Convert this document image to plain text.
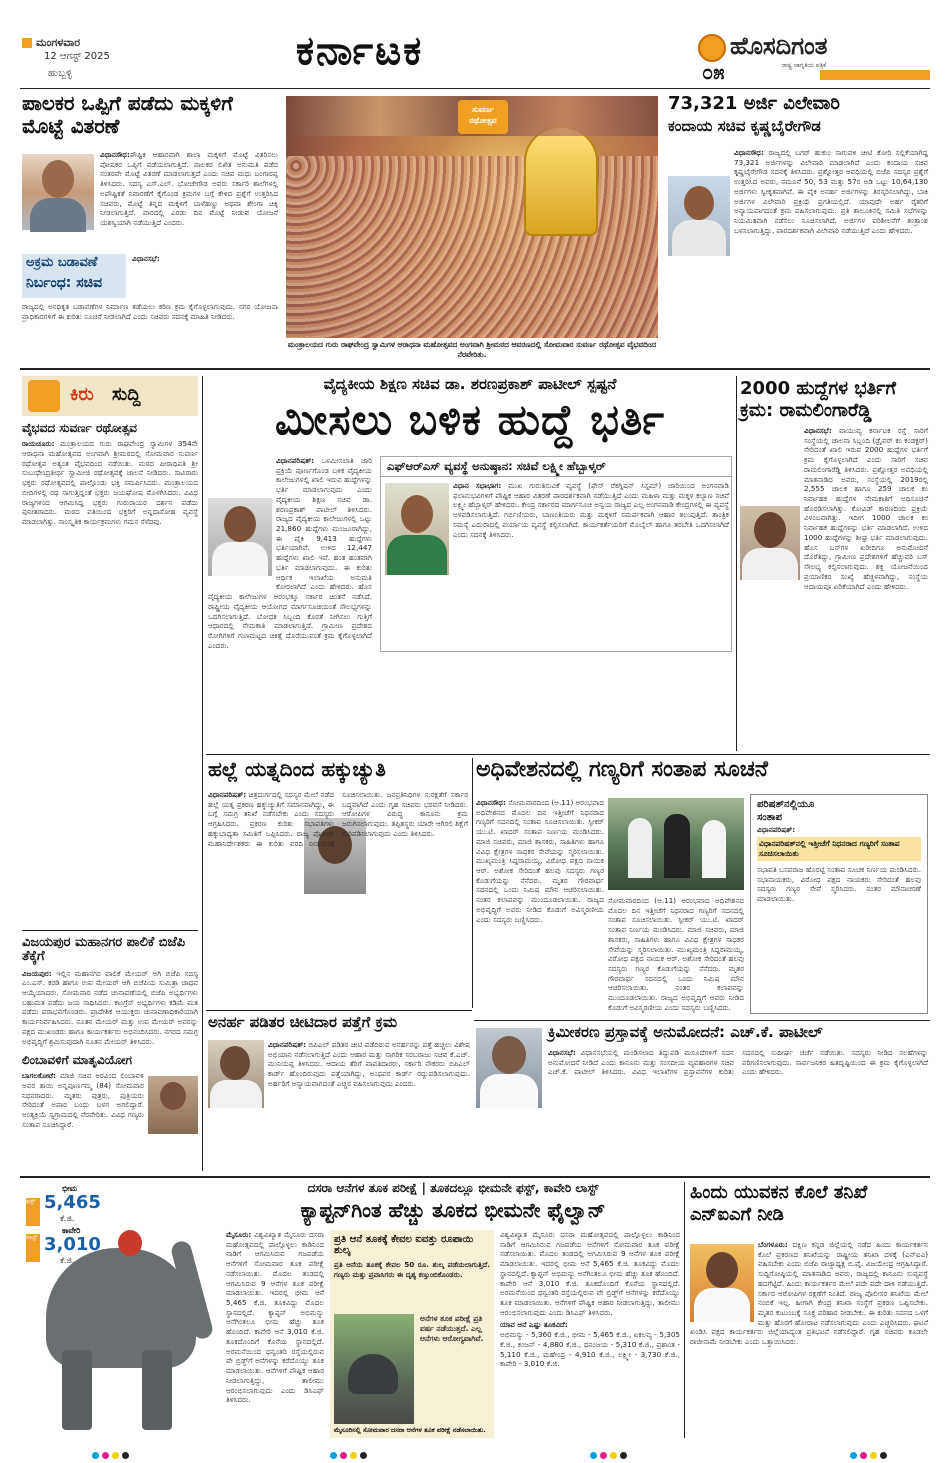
ಮಂಗಳವಾರ
12 ಆಗಸ್ಟ್ 2025
ಹುಬ್ಬಳ್ಳಿ	ಕರ್ನಾಟಕ	ಹೊಸದಿಗಂತ
ರಾಷ್ಟ್ರ ಜಾಗೃತಿಯ ಪತ್ರಿಕೆ
೦೫
ಪಾಲಕರ ಒಪ್ಪಿಗೆ ಪಡೆದು ಮಕ್ಕಳಿಗೆ ಮೊಟ್ಟೆ ವಿತರಣೆ
ವಿಧಾನಸೌಧ: ಪೌಷ್ಟಿಕ ಆಹಾರವಾಗಿ ಶಾಲಾ ಮಕ್ಕಳಿಗೆ ಮೊಟ್ಟೆ ವಿತರಿಸಲು ಪೋಷಕರ ಒಪ್ಪಿಗೆ ಪಡೆಯಲಾಗುತ್ತಿದೆ. ಪಾಲಕರ ಲಿಖಿತ ಅನುಮತಿ ಪಡೆದ ನಂತರವೇ ಮೊಟ್ಟೆ ವಿತರಣೆ ಮಾಡಲಾಗುತ್ತದೆ ಎಂದು ಸಚಿವ ಮಧು ಬಂಗಾರಪ್ಪ ತಿಳಿಸಿದರು. ಸದಸ್ಯ ಎಸ್.ಎಲ್. ಭೋಜೇಗೌಡ ಅವರು ಸರ್ಕಾರಿ ಶಾಲೆಗಳಲ್ಲಿ ಅಪೌಷ್ಟಿಕತೆ ನಿವಾರಣೆಗೆ ಕೈಗೊಂಡ ಕ್ರಮಗಳ ಬಗ್ಗೆ ಕೇಳಿದ ಪ್ರಶ್ನೆಗೆ ಉತ್ತರಿಸಿದ ಸಚಿವರು, ಮೊಟ್ಟೆ ತಿನ್ನದ ಮಕ್ಕಳಿಗೆ ಬಾಳೆಹಣ್ಣು ಅಥವಾ ಶೇಂಗಾ ಚಿಕ್ಕಿ ನೀಡಲಾಗುತ್ತಿದೆ. ವಾರದಲ್ಲಿ ಎರಡು ದಿನ ಮೊಟ್ಟೆ ನೀಡುವ ಯೋಜನೆ ಯಶಸ್ವಿಯಾಗಿ ನಡೆಯುತ್ತಿದೆ ಎಂದರು.
ಅಕ್ರಮ ಬಡಾವಣೆ
ನಿರ್ಬಂಧ: ಸಚಿವ
ವಿಧಾನಸಭೆ:
ರಾಜ್ಯದಲ್ಲಿ ಅನಧಿಕೃತ ಬಡಾವಣೆಗಳ ನಿರ್ಮಾಣ ತಡೆಯಲು ಕಠಿಣ ಕ್ರಮ ಕೈಗೊಳ್ಳಲಾಗುವುದು. ನಗರ ಯೋಜನಾ ಪ್ರಾಧಿಕಾರಗಳಿಗೆ ಈ ಕುರಿತು ಸೂಚನೆ ನೀಡಲಾಗಿದೆ ಎಂದು ಸಚಿವರು ಸದನಕ್ಕೆ ಮಾಹಿತಿ ನೀಡಿದರು.
ಸುವರ್ಣ ರಥೋತ್ಸವ
ಮಂತ್ರಾಲಯದ ಗುರು ರಾಘವೇಂದ್ರ ಸ್ವಾಮಿಗಳ ಆರಾಧನಾ ಮಹೋತ್ಸವದ ಅಂಗವಾಗಿ ಶ್ರೀಮಠದ ಆವರಣದಲ್ಲಿ ಸೋಮವಾರ ಸುವರ್ಣ ರಥೋತ್ಸವ ವೈಭವದಿಂದ ನೆರವೇರಿತು.
73,321 ಅರ್ಜಿ ವಿಲೇವಾರಿ
ಕಂದಾಯ ಸಚಿವ ಕೃಷ್ಣಬೈರೇಗೌಡ
ವಿಧಾನಸೌಧ: ರಾಜ್ಯದಲ್ಲಿ ಬಗರ್ ಹುಕುಂ ಸಾಗುವಳಿ ಚೀಟಿ ಕೋರಿ ಸಲ್ಲಿಕೆಯಾಗಿದ್ದ 73,321 ಅರ್ಜಿಗಳನ್ನು ವಿಲೇವಾರಿ ಮಾಡಲಾಗಿದೆ ಎಂದು ಕಂದಾಯ ಸಚಿವ ಕೃಷ್ಣಬೈರೇಗೌಡ ಸದನಕ್ಕೆ ತಿಳಿಸಿದರು. ಪ್ರಶ್ನೋತ್ತರ ಅವಧಿಯಲ್ಲಿ ಬಿಜೆಪಿ ಸದಸ್ಯರ ಪ್ರಶ್ನೆಗೆ ಉತ್ತರಿಸಿದ ಅವರು, ನಮೂನೆ 50, 53 ಮತ್ತು 57ರ ಅಡಿ ಒಟ್ಟು 10,64,130 ಅರ್ಜಿಗಳು ಸ್ವೀಕೃತವಾಗಿವೆ. ಈ ಪೈಕಿ ಅನರ್ಹ ಅರ್ಜಿಗಳನ್ನು ತಿರಸ್ಕರಿಸಲಾಗಿದ್ದು, ಬಾಕಿ ಅರ್ಜಿಗಳ ವಿಲೇವಾರಿ ಪ್ರಕ್ರಿಯೆ ಪ್ರಗತಿಯಲ್ಲಿದೆ. ಯಾವುದೇ ಅರ್ಹ ರೈತರಿಗೆ ಅನ್ಯಾಯವಾಗದಂತೆ ಕ್ರಮ ವಹಿಸಲಾಗುವುದು. ಪ್ರತಿ ತಾಲೂಕಿನಲ್ಲಿ ಸಮಿತಿ ಸಭೆಗಳನ್ನು ನಿಯಮಿತವಾಗಿ ನಡೆಸಲು ಸೂಚಿಸಲಾಗಿದೆ. ಅರ್ಜಿಗಳ ಪರಿಶೀಲನೆಗೆ ತಂತ್ರಾಂಶ ಬಳಸಲಾಗುತ್ತಿದ್ದು, ಪಾರದರ್ಶಕವಾಗಿ ವಿಲೇವಾರಿ ನಡೆಯುತ್ತಿದೆ ಎಂದು ಹೇಳಿದರು.
ಕಿರು ಸುದ್ದಿ
ವೈಭವದ ಸುವರ್ಣ ರಥೋತ್ಸವ
ರಾಯಚೂರು: ಮಂತ್ರಾಲಯದ ಗುರು ರಾಘವೇಂದ್ರ ಸ್ವಾಮಿಗಳ 354ನೇ ಆರಾಧನಾ ಮಹೋತ್ಸವದ ಅಂಗವಾಗಿ ಶ್ರೀಮಠದಲ್ಲಿ ಸೋಮವಾರ ಸುವರ್ಣ ರಥೋತ್ಸವ ಅತ್ಯಂತ ವೈಭವದಿಂದ ನಡೆಯಿತು. ಮಠದ ಪೀಠಾಧಿಪತಿ ಶ್ರೀ ಸುಬುಧೇಂದ್ರತೀರ್ಥ ಸ್ವಾಮೀಜಿ ರಥೋತ್ಸವಕ್ಕೆ ಚಾಲನೆ ನೀಡಿದರು. ಸಾವಿರಾರು ಭಕ್ತರು ರಥೋತ್ಸವದಲ್ಲಿ ಪಾಲ್ಗೊಂಡು ಭಕ್ತಿ ಸಮರ್ಪಿಸಿದರು. ಮಂತ್ರಾಲಯದ ಬೀದಿಗಳಲ್ಲಿ ರಥ ಸಾಗುತ್ತಿದ್ದಂತೆ ಭಕ್ತರು ಜಯಘೋಷ ಮೊಳಗಿಸಿದರು. ವಿವಿಧ ರಾಜ್ಯಗಳಿಂದ ಆಗಮಿಸಿದ್ದ ಭಕ್ತರು ಗುರುರಾಯರ ದರ್ಶನ ಪಡೆದು ಪುನೀತರಾದರು. ಮಠದ ವತಿಯಿಂದ ಭಕ್ತರಿಗೆ ಅನ್ನದಾಸೋಹ ವ್ಯವಸ್ಥೆ ಮಾಡಲಾಗಿತ್ತು. ಸಾಂಸ್ಕೃತಿಕ ಕಾರ್ಯಕ್ರಮಗಳು ಗಮನ ಸೆಳೆದವು.
ವಿಜಯಪುರ ಮಹಾನಗರ ಪಾಲಿಕೆ ಬಿಜೆಪಿ ತೆಕ್ಕೆಗೆ
ವಿಜಯಪುರ: ಇಲ್ಲಿನ ಮಹಾನಗರ ಪಾಲಿಕೆ ಮೇಯರ್ ಆಗಿ ಬಿಜೆಪಿ ಸದಸ್ಯ ಎಂ.ಎಸ್. ಕರಡಿ ಹಾಗೂ ಉಪ ಮೇಯರ್ ಆಗಿ ಬಿಜೆಪಿಯ ಸುಮಿತ್ರಾ ಜಾಧವ ಆಯ್ಕೆಯಾದರು. ಸೋಮವಾರ ನಡೆದ ಚುನಾವಣೆಯಲ್ಲಿ ಬಿಜೆಪಿ ಅಭ್ಯರ್ಥಿಗಳು ಬಹುಮತ ಪಡೆದು ಜಯ ಸಾಧಿಸಿದರು. ಕಾಂಗ್ರೆಸ್ ಅಭ್ಯರ್ಥಿಗಳು ಕಡಿಮೆ ಮತ ಪಡೆದು ಪರಾಭವಗೊಂಡರು. ಪ್ರಾದೇಶಿಕ ಆಯುಕ್ತರು ಚುನಾವಣಾಧಿಕಾರಿಯಾಗಿ ಕಾರ್ಯನಿರ್ವಹಿಸಿದರು. ನೂತನ ಮೇಯರ್ ಮತ್ತು ಉಪ ಮೇಯರ್ ಅವರನ್ನು ಪಕ್ಷದ ಮುಖಂಡರು ಹಾಗೂ ಕಾರ್ಯಕರ್ತರು ಅಭಿನಂದಿಸಿದರು. ನಗರದ ಸಮಗ್ರ ಅಭಿವೃದ್ಧಿಗೆ ಶ್ರಮಿಸುವುದಾಗಿ ನೂತನ ಮೇಯರ್ ತಿಳಿಸಿದರು.
ಲಿಂಬಾವಳಿಗೆ ಮಾತೃವಿಯೋಗ
ಬಾಗಲಕೋಟೆ: ಮಾಜಿ ಸಚಿವ ಅರವಿಂದ ಲಿಂಬಾವಳಿ ಅವರ ತಾಯಿ ಅನ್ನಪೂರ್ಣಮ್ಮ (84) ಸೋಮವಾರ ನಿಧನರಾದರು. ಮೃತರು ಪುತ್ರರು, ಪುತ್ರಿಯರು ಸೇರಿದಂತೆ ಅಪಾರ ಬಂಧು ಬಳಗ ಅಗಲಿದ್ದಾರೆ. ಅಂತ್ಯಕ್ರಿಯೆ ಸ್ವಗ್ರಾಮದಲ್ಲಿ ನೆರವೇರಿತು. ವಿವಿಧ ಗಣ್ಯರು ಸಂತಾಪ ಸೂಚಿಸಿದ್ದಾರೆ.
ವೈದ್ಯಕೀಯ ಶಿಕ್ಷಣ ಸಚಿವ ಡಾ. ಶರಣಪ್ರಕಾಶ್ ಪಾಟೀಲ್ ಸ್ಪಷ್ಟನೆ
ಮೀಸಲು ಬಳಿಕ ಹುದ್ದೆ ಭರ್ತಿ
ವಿಧಾನಪರಿಷತ್: ಒಳಮೀಸಲಾತಿ ಜಾರಿ ಪ್ರಕ್ರಿಯೆ ಪೂರ್ಣಗೊಂಡ ಬಳಿಕ ವೈದ್ಯಕೀಯ ಕಾಲೇಜುಗಳಲ್ಲಿ ಖಾಲಿ ಇರುವ ಹುದ್ದೆಗಳನ್ನು ಭರ್ತಿ ಮಾಡಲಾಗುವುದು ಎಂದು ವೈದ್ಯಕೀಯ ಶಿಕ್ಷಣ ಸಚಿವ ಡಾ. ಶರಣಪ್ರಕಾಶ್ ಪಾಟೀಲ್ ತಿಳಿಸಿದರು. ರಾಜ್ಯದ ವೈದ್ಯಕೀಯ ಕಾಲೇಜುಗಳಲ್ಲಿ ಒಟ್ಟು 21,860 ಹುದ್ದೆಗಳು ಮಂಜೂರಾಗಿದ್ದು, ಈ ಪೈಕಿ 9,413 ಹುದ್ದೆಗಳು ಭರ್ತಿಯಾಗಿವೆ. ಉಳಿದ 12,447 ಹುದ್ದೆಗಳು ಖಾಲಿ ಇವೆ. ಹಂತ ಹಂತವಾಗಿ ಭರ್ತಿ ಮಾಡಲಾಗುವುದು. ಈ ಕುರಿತು ಆರ್ಥಿಕ ಇಲಾಖೆಯ ಅನುಮತಿ ಕೋರಲಾಗಿದೆ ಎಂದು ಹೇಳಿದರು. ಹೊಸ ವೈದ್ಯಕೀಯ ಕಾಲೇಜುಗಳ ಆರಂಭಕ್ಕೂ ಸರ್ಕಾರ ಚಿಂತನೆ ನಡೆಸಿದೆ. ರಾಷ್ಟ್ರೀಯ ವೈದ್ಯಕೀಯ ಆಯೋಗದ ಮಾರ್ಗಸೂಚಿಯಂತೆ ಸೌಲಭ್ಯಗಳನ್ನು ಒದಗಿಸಲಾಗುತ್ತಿದೆ. ಬೋಧಕ ಸಿಬ್ಬಂದಿ ಕೊರತೆ ನೀಗಿಸಲು ಗುತ್ತಿಗೆ ಆಧಾರದಲ್ಲಿ ನೇಮಕಾತಿ ಮಾಡಲಾಗುತ್ತಿದೆ. ಗ್ರಾಮೀಣ ಪ್ರದೇಶದ ರೋಗಿಗಳಿಗೆ ಗುಣಮಟ್ಟದ ಚಿಕಿತ್ಸೆ ದೊರೆಯುವಂತೆ ಕ್ರಮ ಕೈಗೊಳ್ಳಲಾಗಿದೆ ಎಂದರು.
ಎಫ್‌ಆರ್‌ಎಸ್ ವ್ಯವಸ್ಥೆ ಅನುಷ್ಠಾನ: ಸಚಿವೆ ಲಕ್ಷ್ಮೀ ಹೆಬ್ಬಾಳ್ಕರ್
ವಿಧಾನ ಸಭಾಭಾಗ: ಮುಖ ಗುರುತಿಸುವಿಕೆ ವ್ಯವಸ್ಥೆ (ಫೇಸ್ ರೆಕಗ್ನಿಷನ್ ಸಿಸ್ಟಮ್) ಜಾರಿಯಿಂದ ಅಂಗನವಾಡಿ ಫಲಾನುಭವಿಗಳಿಗೆ ಪೌಷ್ಟಿಕ ಆಹಾರ ವಿತರಣೆ ಪಾರದರ್ಶಕವಾಗಿ ನಡೆಯುತ್ತಿದೆ ಎಂದು ಮಹಿಳಾ ಮತ್ತು ಮಕ್ಕಳ ಕಲ್ಯಾಣ ಸಚಿವೆ ಲಕ್ಷ್ಮೀ ಹೆಬ್ಬಾಳ್ಕರ್ ಹೇಳಿದರು. ಕೇಂದ್ರ ಸರ್ಕಾರದ ಮಾರ್ಗಸೂಚಿ ಅನ್ವಯ ರಾಜ್ಯದ ಎಲ್ಲ ಅಂಗನವಾಡಿ ಕೇಂದ್ರಗಳಲ್ಲಿ ಈ ವ್ಯವಸ್ಥೆ ಅಳವಡಿಸಲಾಗುತ್ತಿದೆ. ಗರ್ಭಿಣಿಯರು, ಬಾಣಂತಿಯರು ಮತ್ತು ಮಕ್ಕಳಿಗೆ ಸಮರ್ಪಕವಾಗಿ ಆಹಾರ ತಲುಪುತ್ತಿದೆ. ತಾಂತ್ರಿಕ ಸಮಸ್ಯೆ ಎದುರಾದಲ್ಲಿ ಪರ್ಯಾಯ ವ್ಯವಸ್ಥೆ ಕಲ್ಪಿಸಲಾಗಿದೆ. ಕಾರ್ಯಕರ್ತೆಯರಿಗೆ ಮೊಬೈಲ್ ಹಾಗೂ ತರಬೇತಿ ಒದಗಿಸಲಾಗಿದೆ ಎಂದು ಸದನಕ್ಕೆ ತಿಳಿಸಿದರು.
2000 ಹುದ್ದೆಗಳ ಭರ್ತಿಗೆ ಕ್ರಮ: ರಾಮಲಿಂಗಾರೆಡ್ಡಿ
ವಿಧಾನಸಭೆ: ವಾಯುವ್ಯ ಕರ್ನಾಟಕ ರಸ್ತೆ ಸಾರಿಗೆ ಸಂಸ್ಥೆಯಲ್ಲಿ ಚಾಲನಾ ಸಿಬ್ಬಂದಿ (ಡ್ರೈವರ್ ಕಂ ಕಂಡಕ್ಟರ್) ಸೇರಿದಂತೆ ಖಾಲಿ ಇರುವ 2000 ಹುದ್ದೆಗಳ ಭರ್ತಿಗೆ ಕ್ರಮ ಕೈಗೊಳ್ಳಲಾಗಿದೆ ಎಂದು ಸಾರಿಗೆ ಸಚಿವ ರಾಮಲಿಂಗಾರೆಡ್ಡಿ ತಿಳಿಸಿದರು. ಪ್ರಶ್ನೋತ್ತರ ಅವಧಿಯಲ್ಲಿ ಮಾತನಾಡಿದ ಅವರು, ಸಂಸ್ಥೆಯಲ್ಲಿ 2019ರಲ್ಲಿ 2,555 ಚಾಲಕ ಹಾಗೂ 259 ಚಾಲಕ ಕಂ ನಿರ್ವಾಹಕ ಹುದ್ದೆಗಳ ನೇಮಕಾತಿಗೆ ಅಧಿಸೂಚನೆ ಹೊರಡಿಸಲಾಗಿತ್ತು. ಕೋವಿಡ್ ಕಾರಣದಿಂದ ಪ್ರಕ್ರಿಯೆ ವಿಳಂಬವಾಗಿತ್ತು. ಇದೀಗ 1000 ಚಾಲಕ ಕಂ ನಿರ್ವಾಹಕ ಹುದ್ದೆಗಳನ್ನು ಭರ್ತಿ ಮಾಡಲಾಗಿದೆ. ಉಳಿದ 1000 ಹುದ್ದೆಗಳನ್ನು ಶೀಘ್ರ ಭರ್ತಿ ಮಾಡಲಾಗುವುದು. ಹೊಸ ಬಸ್‌ಗಳ ಖರೀದಿಗೂ ಅನುಮೋದನೆ ದೊರೆತಿದ್ದು, ಗ್ರಾಮೀಣ ಪ್ರದೇಶಗಳಿಗೆ ಹೆಚ್ಚುವರಿ ಬಸ್ ಸೌಲಭ್ಯ ಕಲ್ಪಿಸಲಾಗುವುದು. ಶಕ್ತಿ ಯೋಜನೆಯಿಂದ ಪ್ರಯಾಣಿಕರ ಸಂಖ್ಯೆ ಹೆಚ್ಚಳವಾಗಿದ್ದು, ಸಂಸ್ಥೆಯ ಆದಾಯವೂ ಏರಿಕೆಯಾಗಿದೆ ಎಂದು ಹೇಳಿದರು.
ಹಲ್ಲೆ ಯತ್ನದಿಂದ ಹಕ್ಕುಚ್ಯುತಿ
ವಿಧಾನಪರಿಷತ್: ಚಿತ್ರದುರ್ಗದಲ್ಲಿ ಸದಸ್ಯರ ಮೇಲೆ ನಡೆದ ಹಲ್ಲೆ ಯತ್ನ ಪ್ರಕರಣ ಹಕ್ಕುಚ್ಯುತಿಗೆ ಸಮಾನವಾಗಿದ್ದು, ಈ ಬಗ್ಗೆ ಸಮಗ್ರ ತನಿಖೆ ನಡೆಸಬೇಕು ಎಂದು ಸದಸ್ಯರು ಆಗ್ರಹಿಸಿದರು. ಪ್ರಕರಣ ಕುರಿತು ಸಭಾಪತಿಗಳು ಹಕ್ಕುಬಾಧ್ಯತಾ ಸಮಿತಿಗೆ ಒಪ್ಪಿಸಿದರು. ರಾಜ್ಯ ಪೊಲೀಸ್ ಮಹಾನಿರ್ದೇಶಕರು ಈ ಕುರಿತು ವರದಿ ನೀಡುವಂತೆ ಸೂಚಿಸಲಾಯಿತು. ಜನಪ್ರತಿನಿಧಿಗಳ ಸುರಕ್ಷತೆಗೆ ಸರ್ಕಾರ ಬದ್ಧವಾಗಿದೆ ಎಂದು ಗೃಹ ಸಚಿವರು ಭರವಸೆ ನೀಡಿದರು. ಆರೋಪಿಗಳ ವಿರುದ್ಧ ಕಾನೂನು ಕ್ರಮ ಜರುಗಿಸಲಾಗುವುದು. ತಪ್ಪಿತಸ್ಥರು ಯಾರೇ ಆಗಿರಲಿ ಶಿಕ್ಷೆಗೆ ಗುರಿಪಡಿಸಲಾಗುವುದು ಎಂದು ತಿಳಿಸಿದರು.
ಅಧಿವೇಶನದಲ್ಲಿ ಗಣ್ಯರಿಗೆ ಸಂತಾಪ ಸೂಚನೆ
ವಿಧಾನಸೌಧ: ಸೋಮವಾರದಿಂದ (ಆ.11) ಆರಂಭವಾದ ಅಧಿವೇಶನದ ಮೊದಲ ದಿನ ಇತ್ತೀಚೆಗೆ ನಿಧನರಾದ ಗಣ್ಯರಿಗೆ ಸದನದಲ್ಲಿ ಸಂತಾಪ ಸೂಚಿಸಲಾಯಿತು. ಸ್ಪೀಕರ್ ಯು.ಟಿ. ಖಾದರ್ ಸಂತಾಪ ನಿರ್ಣಯ ಮಂಡಿಸಿದರು. ಮಾಜಿ ಸಚಿವರು, ಮಾಜಿ ಶಾಸಕರು, ಸಾಹಿತಿಗಳು ಹಾಗೂ ವಿವಿಧ ಕ್ಷೇತ್ರಗಳ ಸಾಧಕರ ಸೇವೆಯನ್ನು ಸ್ಮರಿಸಲಾಯಿತು. ಮುಖ್ಯಮಂತ್ರಿ ಸಿದ್ದರಾಮಯ್ಯ, ವಿರೋಧ ಪಕ್ಷದ ನಾಯಕ ಆರ್. ಅಶೋಕ ಸೇರಿದಂತೆ ಹಲವು ಸದಸ್ಯರು ಗಣ್ಯರ ಕೊಡುಗೆಯನ್ನು ನೆನೆದರು. ಮೃತರ ಗೌರವಾರ್ಥ ಸದನದಲ್ಲಿ ಒಂದು ನಿಮಿಷ ಮೌನ ಆಚರಿಸಲಾಯಿತು. ನಂತರ ಕಲಾಪವನ್ನು ಮುಂದೂಡಲಾಯಿತು. ರಾಜ್ಯದ ಅಭಿವೃದ್ಧಿಗೆ ಅವರು ನೀಡಿದ ಕೊಡುಗೆ ಅವಿಸ್ಮರಣೀಯ ಎಂದು ಸದಸ್ಯರು ಬಣ್ಣಿಸಿದರು.
ಸೋಮವಾರದಿಂದ (ಆ.11) ಆರಂಭವಾದ ಅಧಿವೇಶನದ ಮೊದಲ ದಿನ ಇತ್ತೀಚೆಗೆ ನಿಧನರಾದ ಗಣ್ಯರಿಗೆ ಸದನದಲ್ಲಿ ಸಂತಾಪ ಸೂಚಿಸಲಾಯಿತು. ಸ್ಪೀಕರ್ ಯು.ಟಿ. ಖಾದರ್ ಸಂತಾಪ ನಿರ್ಣಯ ಮಂಡಿಸಿದರು. ಮಾಜಿ ಸಚಿವರು, ಮಾಜಿ ಶಾಸಕರು, ಸಾಹಿತಿಗಳು ಹಾಗೂ ವಿವಿಧ ಕ್ಷೇತ್ರಗಳ ಸಾಧಕರ ಸೇವೆಯನ್ನು ಸ್ಮರಿಸಲಾಯಿತು. ಮುಖ್ಯಮಂತ್ರಿ ಸಿದ್ದರಾಮಯ್ಯ, ವಿರೋಧ ಪಕ್ಷದ ನಾಯಕ ಆರ್. ಅಶೋಕ ಸೇರಿದಂತೆ ಹಲವು ಸದಸ್ಯರು ಗಣ್ಯರ ಕೊಡುಗೆಯನ್ನು ನೆನೆದರು. ಮೃತರ ಗೌರವಾರ್ಥ ಸದನದಲ್ಲಿ ಒಂದು ನಿಮಿಷ ಮೌನ ಆಚರಿಸಲಾಯಿತು. ನಂತರ ಕಲಾಪವನ್ನು ಮುಂದೂಡಲಾಯಿತು. ರಾಜ್ಯದ ಅಭಿವೃದ್ಧಿಗೆ ಅವರು ನೀಡಿದ ಕೊಡುಗೆ ಅವಿಸ್ಮರಣೀಯ ಎಂದು ಸದಸ್ಯರು ಬಣ್ಣಿಸಿದರು.
ಪರಿಷತ್‌ನಲ್ಲಿಯೂ
ಸಂತಾಪ
ವಿಧಾನಪರಿಷತ್:
ವಿಧಾನಪರಿಷತ್‌ನಲ್ಲಿ ಇತ್ತೀಚೆಗೆ ನಿಧನರಾದ ಗಣ್ಯರಿಗೆ ಸಂತಾಪ ಸೂಚಿಸಲಾಯಿತು
ಸಭಾಪತಿ ಬಸವರಾಜ ಹೊರಟ್ಟಿ ಸಂತಾಪ ಸೂಚಕ ನಿರ್ಣಯ ಮಂಡಿಸಿದರು. ಸಭಾನಾಯಕರು, ವಿರೋಧ ಪಕ್ಷದ ನಾಯಕರು ಸೇರಿದಂತೆ ಹಲವು ಸದಸ್ಯರು ಗಣ್ಯರ ಸೇವೆ ಸ್ಮರಿಸಿದರು. ನಂತರ ಮೌನಾಚರಣೆ ಮಾಡಲಾಯಿತು.
ಅನರ್ಹ ಪಡಿತರ ಚೀಟಿದಾರ ಪತ್ತೆಗೆ ಕ್ರಮ
ವಿಧಾನಪರಿಷತ್: ಬಿಪಿಎಲ್ ಪಡಿತರ ಚೀಟಿ ಪಡೆದಿರುವ ಅನರ್ಹರನ್ನು ಪತ್ತೆ ಹಚ್ಚಲು ವಿಶೇಷ ಅಭಿಯಾನ ನಡೆಸಲಾಗುತ್ತಿದೆ ಎಂದು ಆಹಾರ ಮತ್ತು ನಾಗರಿಕ ಸರಬರಾಜು ಸಚಿವ ಕೆ.ಎಚ್. ಮುನಿಯಪ್ಪ ತಿಳಿಸಿದರು. ಆದಾಯ ತೆರಿಗೆ ಪಾವತಿದಾರರು, ಸರ್ಕಾರಿ ನೌಕರರು ಬಿಪಿಎಲ್ ಕಾರ್ಡ್ ಹೊಂದಿರುವುದು ಪತ್ತೆಯಾಗಿದ್ದು, ಅಂಥವರ ಕಾರ್ಡ್ ರದ್ದುಪಡಿಸಲಾಗುವುದು. ಅರ್ಹರಿಗೆ ಅನ್ಯಾಯವಾಗದಂತೆ ಎಚ್ಚರ ವಹಿಸಲಾಗುವುದು ಎಂದರು.
ಕ್ರಿಮೀಕರಣ ಪ್ರಸ್ತಾವಕ್ಕೆ ಅನುಮೋದನೆ: ಎಚ್.ಕೆ. ಪಾಟೀಲ್
ವಿಧಾನಸಭೆ: ವಿಧಾನಸಭೆಯಲ್ಲಿ ಮಂಡಿಸಲಾದ ತಿದ್ದುಪಡಿ ಮಸೂದೆಗಳಿಗೆ ಸದನ ಅನುಮೋದನೆ ನೀಡಿದೆ ಎಂದು ಕಾನೂನು ಮತ್ತು ಸಂಸದೀಯ ವ್ಯವಹಾರಗಳ ಸಚಿವ ಎಚ್.ಕೆ. ಪಾಟೀಲ್ ತಿಳಿಸಿದರು. ವಿವಿಧ ಇಲಾಖೆಗಳ ಪ್ರಸ್ತಾವನೆಗಳ ಕುರಿತು ಸದನದಲ್ಲಿ ಸುದೀರ್ಘ ಚರ್ಚೆ ನಡೆಯಿತು. ಸದಸ್ಯರು ನೀಡಿದ ಸಲಹೆಗಳನ್ನು ಪರಿಗಣಿಸಲಾಗುವುದು. ಸಾರ್ವಜನಿಕರ ಹಿತದೃಷ್ಟಿಯಿಂದ ಈ ಕ್ರಮ ಕೈಗೊಳ್ಳಲಾಗಿದೆ ಎಂದು ಹೇಳಿದರು.
ಭೀಮ
ಫಸ್ಟ್ 5,465
ಕೆ.ಜಿ.
ಕಾವೇರಿ
ಲಾಸ್ಟ್ 3,010
ಕೆ.ಜಿ.
ದಸರಾ ಆನೆಗಳ ತೂಕ ಪರೀಕ್ಷೆ | ತೂಕದಲ್ಲೂ ಭೀಮನೇ ಫಸ್ಟ್, ಕಾವೇರಿ ಲಾಸ್ಟ್
ಕ್ಯಾಪ್ಟನ್‌ಗಿಂತ ಹೆಚ್ಚು ತೂಕದ ಭೀಮನೇ ಫೈಲ್ವಾನ್
ಮೈಸೂರು: ವಿಶ್ವವಿಖ್ಯಾತ ಮೈಸೂರು ದಸರಾ ಮಹೋತ್ಸವದಲ್ಲಿ ಪಾಲ್ಗೊಳ್ಳಲು ಕಾಡಿನಿಂದ ನಾಡಿಗೆ ಆಗಮಿಸಿರುವ ಗಜಪಡೆಯ ಆನೆಗಳಿಗೆ ಸೋಮವಾರ ತೂಕ ಪರೀಕ್ಷೆ ನಡೆಸಲಾಯಿತು. ಮೊದಲ ತಂಡದಲ್ಲಿ ಆಗಮಿಸಿರುವ 9 ಆನೆಗಳ ತೂಕ ಪರೀಕ್ಷೆ ಮಾಡಲಾಯಿತು. ಇದರಲ್ಲಿ ಭೀಮ ಆನೆ 5,465 ಕೆ.ಜಿ. ತೂಕವಿದ್ದು ಮೊದಲ ಸ್ಥಾನದಲ್ಲಿದೆ. ಕ್ಯಾಪ್ಟನ್ ಅಭಿಮನ್ಯು ಆನೆಗಿಂತಲೂ ಭೀಮ ಹೆಚ್ಚು ತೂಕ ಹೊಂದಿದೆ. ಕಾವೇರಿ ಆನೆ 3,010 ಕೆ.ಜಿ. ತೂಕದೊಂದಿಗೆ ಕೊನೆಯ ಸ್ಥಾನದಲ್ಲಿದೆ. ಅರಮನೆಯಿಂದ ಧನ್ವಂತರಿ ರಸ್ತೆಯಲ್ಲಿರುವ ವೇ ಬ್ರಿಡ್ಜ್‌ಗೆ ಆನೆಗಳನ್ನು ಕರೆದೊಯ್ದು ತೂಕ ಮಾಡಲಾಯಿತು. ಆನೆಗಳಿಗೆ ಪೌಷ್ಟಿಕ ಆಹಾರ ನೀಡಲಾಗುತ್ತಿದ್ದು, ತಾಲೀಮು ಆರಂಭಿಸಲಾಗುವುದು ಎಂದು ಡಿಸಿಎಫ್ ತಿಳಿಸಿದರು.
ಪ್ರತಿ ಆನೆ ತೂಕಕ್ಕೆ ಕೇವಲ ಐವತ್ತು ರೂಪಾಯಿ ಶುಲ್ಕ
ಪ್ರತಿ ಆನೆಯ ತೂಕಕ್ಕೆ ಕೇವಲ 50 ರೂ. ಶುಲ್ಕ ಪಡೆಯಲಾಗುತ್ತಿದೆ. ಗಣ್ಯರು ಮತ್ತು ಪ್ರವಾಸಿಗರು ಈ ದೃಶ್ಯ ಕಣ್ತುಂಬಿಕೊಂಡರು.
ಆನೆಗಳ ತೂಕ ಪರೀಕ್ಷೆ ಪ್ರತಿ ವರ್ಷ ನಡೆಯುತ್ತದೆ. ಎಲ್ಲ ಆನೆಗಳು ಆರೋಗ್ಯವಾಗಿವೆ.
ಮೈಸೂರಿನಲ್ಲಿ ಸೋಮವಾರ ದಸರಾ ಆನೆಗಳ ತೂಕ ಪರೀಕ್ಷೆ ನಡೆಸಲಾಯಿತು.
ವಿಶ್ವವಿಖ್ಯಾತ ಮೈಸೂರು ದಸರಾ ಮಹೋತ್ಸವದಲ್ಲಿ ಪಾಲ್ಗೊಳ್ಳಲು ಕಾಡಿನಿಂದ ನಾಡಿಗೆ ಆಗಮಿಸಿರುವ ಗಜಪಡೆಯ ಆನೆಗಳಿಗೆ ಸೋಮವಾರ ತೂಕ ಪರೀಕ್ಷೆ ನಡೆಸಲಾಯಿತು. ಮೊದಲ ತಂಡದಲ್ಲಿ ಆಗಮಿಸಿರುವ 9 ಆನೆಗಳ ತೂಕ ಪರೀಕ್ಷೆ ಮಾಡಲಾಯಿತು. ಇದರಲ್ಲಿ ಭೀಮ ಆನೆ 5,465 ಕೆ.ಜಿ. ತೂಕವಿದ್ದು ಮೊದಲ ಸ್ಥಾನದಲ್ಲಿದೆ. ಕ್ಯಾಪ್ಟನ್ ಅಭಿಮನ್ಯು ಆನೆಗಿಂತಲೂ ಭೀಮ ಹೆಚ್ಚು ತೂಕ ಹೊಂದಿದೆ. ಕಾವೇರಿ ಆನೆ 3,010 ಕೆ.ಜಿ. ತೂಕದೊಂದಿಗೆ ಕೊನೆಯ ಸ್ಥಾನದಲ್ಲಿದೆ. ಅರಮನೆಯಿಂದ ಧನ್ವಂತರಿ ರಸ್ತೆಯಲ್ಲಿರುವ ವೇ ಬ್ರಿಡ್ಜ್‌ಗೆ ಆನೆಗಳನ್ನು ಕರೆದೊಯ್ದು ತೂಕ ಮಾಡಲಾಯಿತು. ಆನೆಗಳಿಗೆ ಪೌಷ್ಟಿಕ ಆಹಾರ ನೀಡಲಾಗುತ್ತಿದ್ದು, ತಾಲೀಮು ಆರಂಭಿಸಲಾಗುವುದು ಎಂದು ಡಿಸಿಎಫ್ ತಿಳಿಸಿದರು.
ಯಾವ ಆನೆ ಎಷ್ಟು ತೂಕವಿದೆ:
ಅಭಿಮನ್ಯು - 5,360 ಕೆ.ಜಿ., ಭೀಮ - 5,465 ಕೆ.ಜಿ., ಏಕಲವ್ಯ - 5,305 ಕೆ.ಜಿ., ಕಂಜನ್ - 4,880 ಕೆ.ಜಿ., ಧನಂಜಯ - 5,310 ಕೆ.ಜಿ., ಪ್ರಶಾಂತ - 5,110 ಕೆ.ಜಿ., ಮಹೇಂದ್ರ - 4,910 ಕೆ.ಜಿ., ಲಕ್ಷ್ಮೀ - 3,730 ಕೆ.ಜಿ., ಕಾವೇರಿ - 3,010 ಕೆ.ಜಿ.
ಹಿಂದು ಯುವಕನ ಕೊಲೆ ತನಿಖೆ ಎನ್‌ಐಎಗೆ ನೀಡಿ
ಬೆಂಗಳೂರು: ದಕ್ಷಿಣ ಕನ್ನಡ ಜಿಲ್ಲೆಯಲ್ಲಿ ನಡೆದ ಹಿಂದು ಕಾರ್ಯಕರ್ತನ ಕೊಲೆ ಪ್ರಕರಣದ ತನಿಖೆಯನ್ನು ರಾಷ್ಟ್ರೀಯ ತನಿಖಾ ದಳಕ್ಕೆ (ಎನ್‌ಐಎ) ವಹಿಸಬೇಕು ಎಂದು ಬಿಜೆಪಿ ರಾಜ್ಯಾಧ್ಯಕ್ಷ ಬಿ.ವೈ. ವಿಜಯೇಂದ್ರ ಆಗ್ರಹಿಸಿದ್ದಾರೆ. ಸುದ್ದಿಗೋಷ್ಠಿಯಲ್ಲಿ ಮಾತನಾಡಿದ ಅವರು, ರಾಜ್ಯದಲ್ಲಿ ಕಾನೂನು ಸುವ್ಯವಸ್ಥೆ ಹದಗೆಟ್ಟಿದೆ. ಹಿಂದು ಕಾರ್ಯಕರ್ತರ ಮೇಲೆ ಪದೇ ಪದೇ ದಾಳಿ ನಡೆಯುತ್ತಿದೆ. ಸರ್ಕಾರ ಆರೋಪಿಗಳ ರಕ್ಷಣೆಗೆ ನಿಂತಿದೆ. ರಾಜ್ಯ ಪೊಲೀಸರ ತನಿಖೆಯ ಮೇಲೆ ನಂಬಿಕೆ ಇಲ್ಲ. ಹೀಗಾಗಿ ಕೇಂದ್ರ ತನಿಖಾ ಸಂಸ್ಥೆಗೆ ಪ್ರಕರಣ ಒಪ್ಪಿಸಬೇಕು. ಮೃತರ ಕುಟುಂಬಕ್ಕೆ ಸೂಕ್ತ ಪರಿಹಾರ ನೀಡಬೇಕು. ಈ ಕುರಿತು ಸದನದ ಒಳಗೆ ಮತ್ತು ಹೊರಗೆ ಹೋರಾಟ ನಡೆಸಲಾಗುವುದು ಎಂದು ಎಚ್ಚರಿಸಿದರು. ಘಟನೆ ಖಂಡಿಸಿ ಪಕ್ಷದ ಕಾರ್ಯಕರ್ತರು ಜಿಲ್ಲೆಯಾದ್ಯಂತ ಪ್ರತಿಭಟನೆ ನಡೆಸಲಿದ್ದಾರೆ. ಗೃಹ ಸಚಿವರು ಕೂಡಲೇ ರಾಜೀನಾಮೆ ನೀಡಬೇಕು ಎಂದು ಒತ್ತಾಯಿಸಿದರು.
